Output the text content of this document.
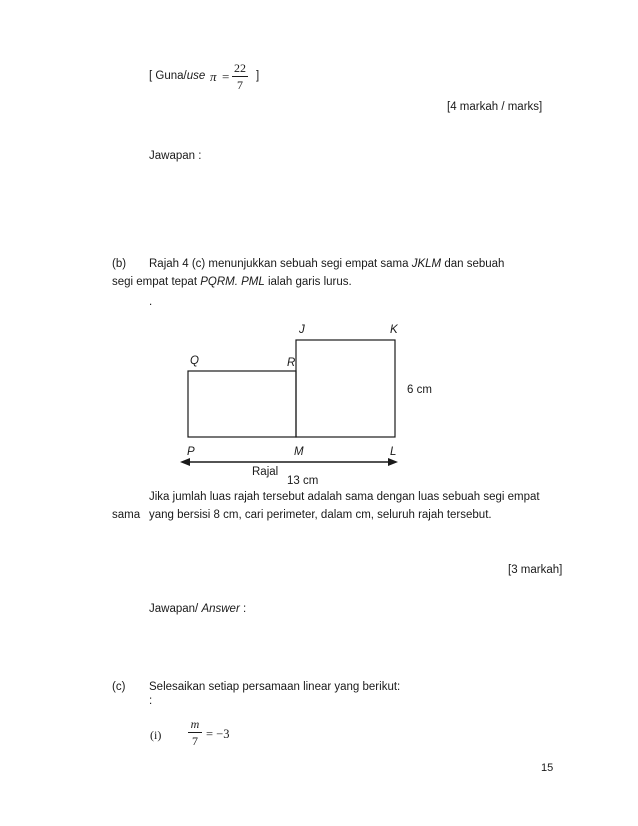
[ Guna/use π =
22
7
]
[4 markah / marks]
Jawapan :
(b) Rajah 4 (c) menunjukkan sebuah segi empat sama JKLM dan sebuah
segi empat tepat PQRM. PML ialah garis lurus.
.
J	K
Q	R
P	M	L
6 cm
Rajal
13 cm
Jika jumlah luas rajah tersebut adalah sama dengan luas sebuah segi empat
sama yang bersisi 8 cm, cari perimeter, dalam cm, seluruh rajah tersebut.
[3 markah]
Jawapan/ Answer :
(c) Selesaikan setiap persamaan linear yang berikut:
:
(i)
m
7 = −3
15
